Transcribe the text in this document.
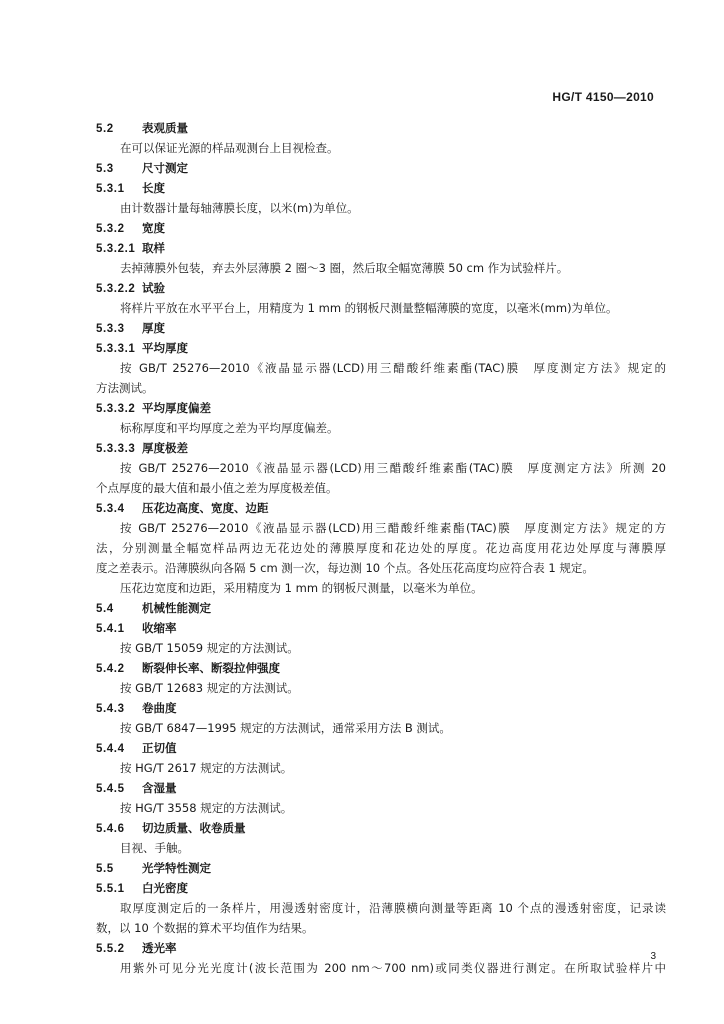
HG/T 4150—2010
5.2 表观质量
在可以保证光源的样品观测台上目视检查。
5.3 尺寸测定
5.3.1 长度
由计数器计量每轴薄膜长度，以米(m)为单位。
5.3.2 宽度
5.3.2.1 取样
去掉薄膜外包装，弃去外层薄膜 2 圈～3 圈，然后取全幅宽薄膜 50 cm 作为试验样片。
5.3.2.2 试验
将样片平放在水平平台上，用精度为 1 mm 的钢板尺测量整幅薄膜的宽度，以毫米(mm)为单位。
5.3.3 厚度
5.3.3.1 平均厚度
按 GB/T 25276—2010《液晶显示器(LCD)用三醋酸纤维素酯(TAC)膜　厚度测定方法》规定的
方法测试。
5.3.3.2 平均厚度偏差
标称厚度和平均厚度之差为平均厚度偏差。
5.3.3.3 厚度极差
按 GB/T 25276—2010《液晶显示器(LCD)用三醋酸纤维素酯(TAC)膜　厚度测定方法》所测 20
个点厚度的最大值和最小值之差为厚度极差值。
5.3.4 压花边高度、宽度、边距
按 GB/T 25276—2010《液晶显示器(LCD)用三醋酸纤维素酯(TAC)膜　厚度测定方法》规定的方
法，分别测量全幅宽样品两边无花边处的薄膜厚度和花边处的厚度。花边高度用花边处厚度与薄膜厚
度之差表示。沿薄膜纵向各隔 5 cm 测一次，每边测 10 个点。各处压花高度均应符合表 1 规定。
压花边宽度和边距，采用精度为 1 mm 的钢板尺测量，以毫米为单位。
5.4 机械性能测定
5.4.1 收缩率
按 GB/T 15059 规定的方法测试。
5.4.2 断裂伸长率、断裂拉伸强度
按 GB/T 12683 规定的方法测试。
5.4.3 卷曲度
按 GB/T 6847—1995 规定的方法测试，通常采用方法 B 测试。
5.4.4 正切值
按 HG/T 2617 规定的方法测试。
5.4.5 含湿量
按 HG/T 3558 规定的方法测试。
5.4.6 切边质量、收卷质量
目视、手触。
5.5 光学特性测定
5.5.1 白光密度
取厚度测定后的一条样片，用漫透射密度计，沿薄膜横向测量等距离 10 个点的漫透射密度，记录读
数，以 10 个数据的算术平均值作为结果。
5.5.2 透光率
用紫外可见分光光度计(波长范围为 200 nm～700 nm)或同类仪器进行测定。在所取试验样片中
3
